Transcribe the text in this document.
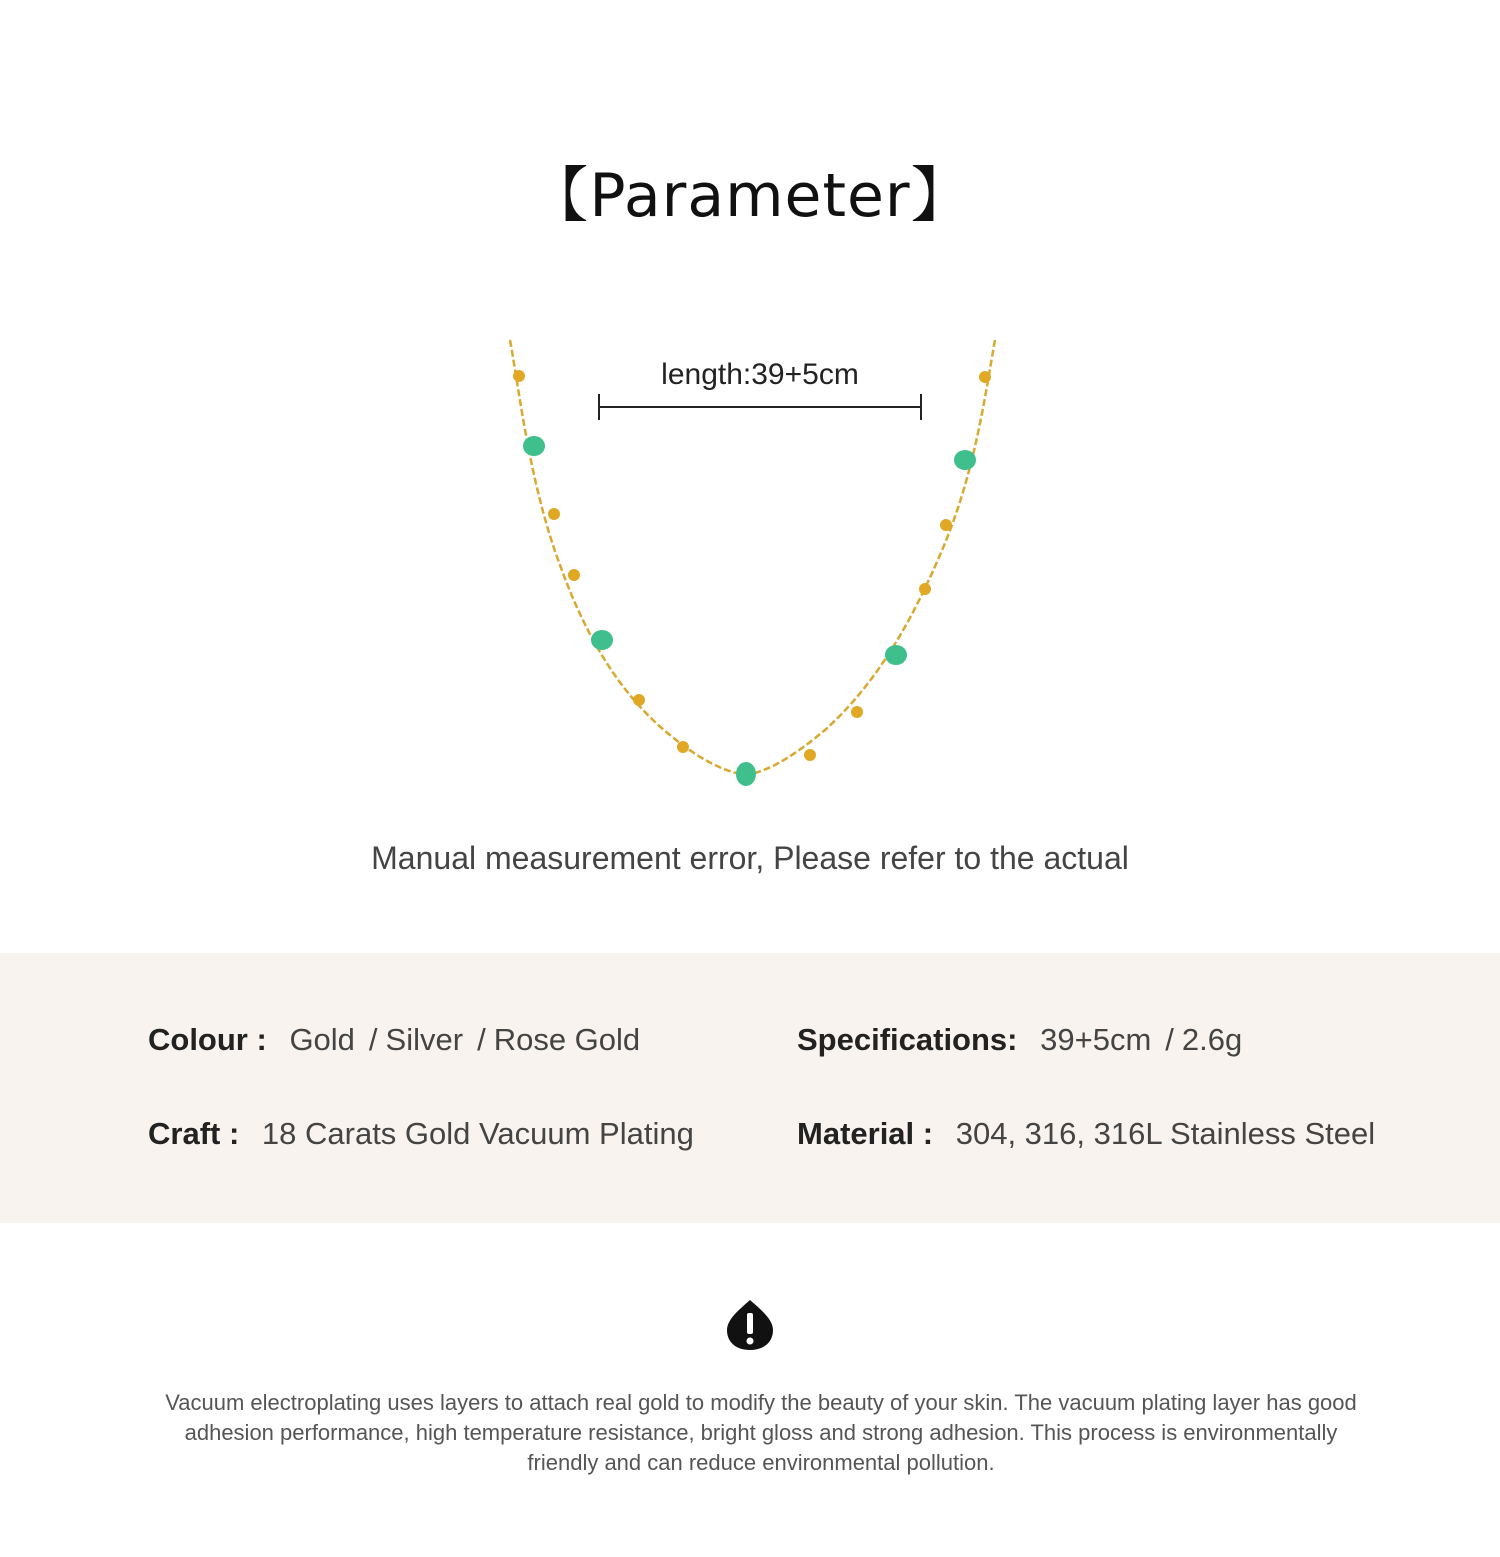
【Parameter】
length:39+5cm
Manual measurement error, Please refer to the actual
Colour : Gold / Silver / Rose Gold	Specifications: 39+5cm / 2.6g
Craft : 18 Carats Gold Vacuum Plating	Material : 304, 316, 316L Stainless Steel
Vacuum electroplating uses layers to attach real gold to modify the beauty of your skin. The vacuum plating layer has good adhesion performance, high temperature resistance, bright gloss and strong adhesion. This process is environmentally friendly and can reduce environmental pollution.
